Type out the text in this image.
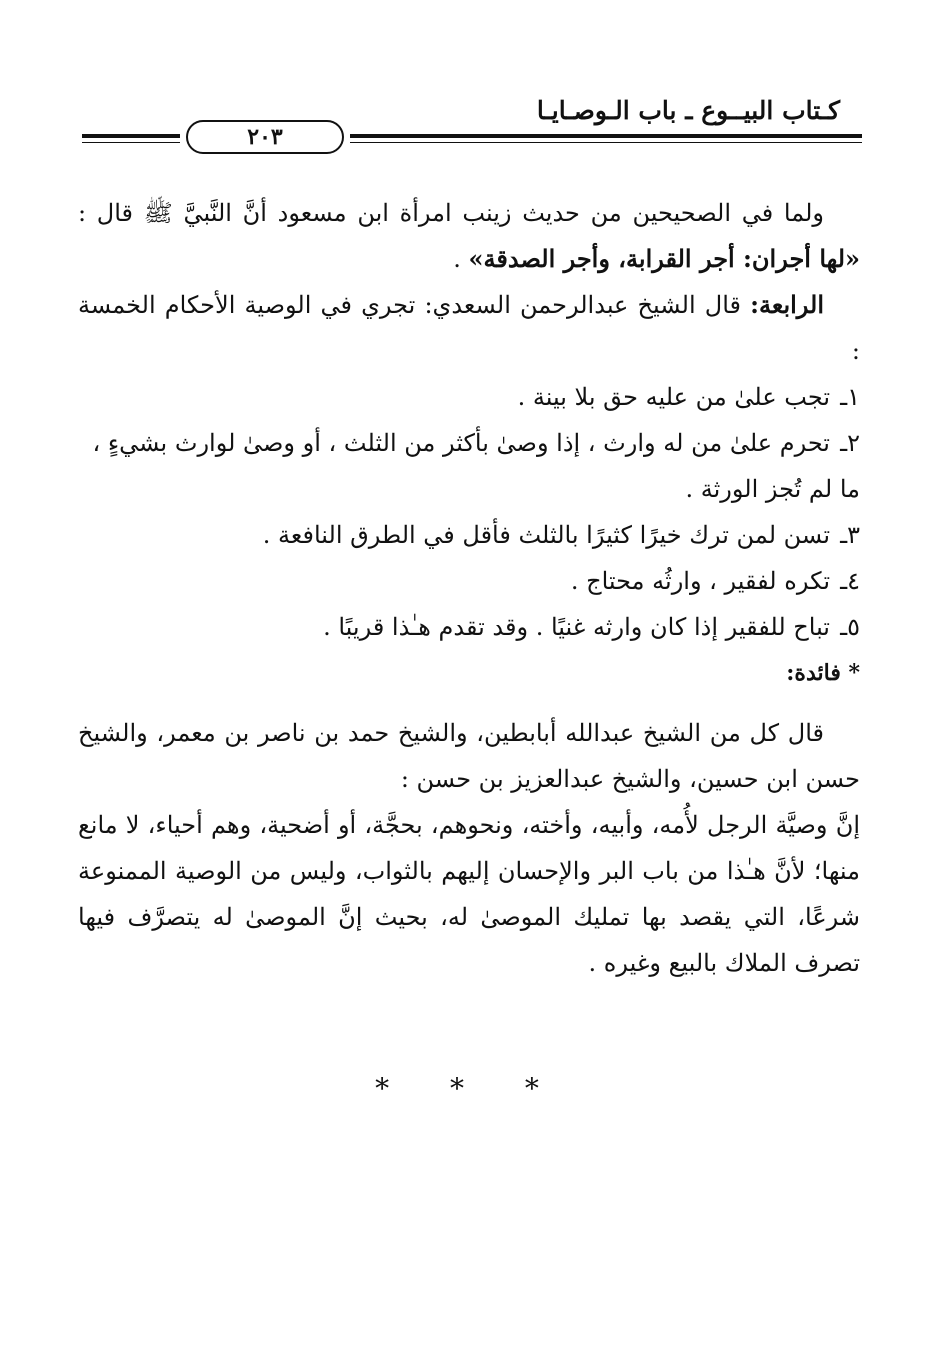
كـتاب البيــوع ـ باب الـوصـايـا
٢٠٣
ولما في الصحيحين من حديث زينب امرأة ابن مسعود أنَّ النَّبيَّ ﷺ قال : «لها أجران: أجر القرابة، وأجر الصدقة» .
الرابعة: قال الشيخ عبدالرحمن السعدي: تجري في الوصية الأحكام الخمسة :
١ـتجب علىٰ من عليه حق بلا بينة .
٢ـتحرم علىٰ من له وارث ، إذا وصىٰ بأكثر من الثلث ، أو وصىٰ لوارث بشيءٍ ، ما لم تُجز الورثة .
٣ـتسن لمن ترك خيرًا كثيرًا بالثلث فأقل في الطرق النافعة .
٤ـتكره لفقير ، وارثُه محتاج .
٥ـتباح للفقير إذا كان وارثه غنيًا . وقد تقدم هـٰذا قريبًا .
* فائدة:
قال كل من الشيخ عبدالله أبابطين، والشيخ حمد بن ناصر بن معمر، والشيخ حسن ابن حسين، والشيخ عبدالعزيز بن حسن :
إنَّ وصيَّة الرجل لأُمه، وأبيه، وأخته، ونحوهم، بحجَّة، أو أضحية، وهم أحياء، لا مانع منها؛ لأنَّ هـٰذا من باب البر والإحسان إليهم بالثواب، وليس من الوصية الممنوعة شرعًا، التي يقصد بها تمليك الموصىٰ له، بحيث إنَّ الموصىٰ له يتصرَّف فيها تصرف الملاك بالبيع وغيره .
* * *
